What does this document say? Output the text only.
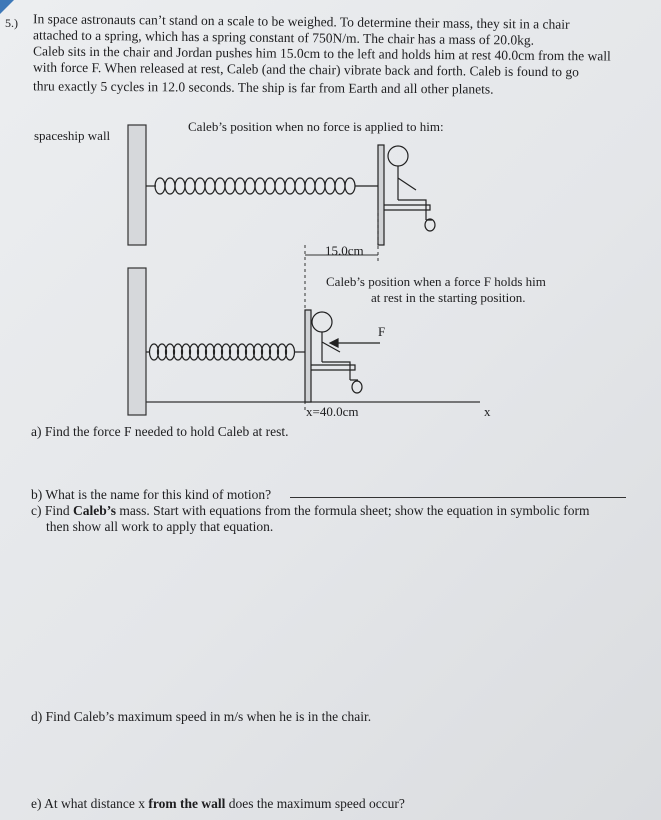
5.) In space astronauts can’t stand on a scale to be weighed. To determine their mass, they sit in a chair
attached to a spring, which has a spring constant of 750N/m. The chair has a mass of 20.0kg.
Caleb sits in the chair and Jordan pushes him 15.0cm to the left and holds him at rest 40.0cm from the wall
with force F. When released at rest, Caleb (and the chair) vibrate back and forth. Caleb is found to go
thru exactly 5 cycles in 12.0 seconds. The ship is far from Earth and all other planets.
Caleb’s position when no force is applied to him:
spaceship wall
15.0cm
Caleb’s position when a force F holds him
at rest in the starting position.
F
x=40.0cm	x
a) Find the force F needed to hold Caleb at rest.
b) What is the name for this kind of motion?
c) Find Caleb’s mass. Start with equations from the formula sheet; show the equation in symbolic form
then show all work to apply that equation.
d) Find Caleb’s maximum speed in m/s when he is in the chair.
e) At what distance x from the wall does the maximum speed occur?
